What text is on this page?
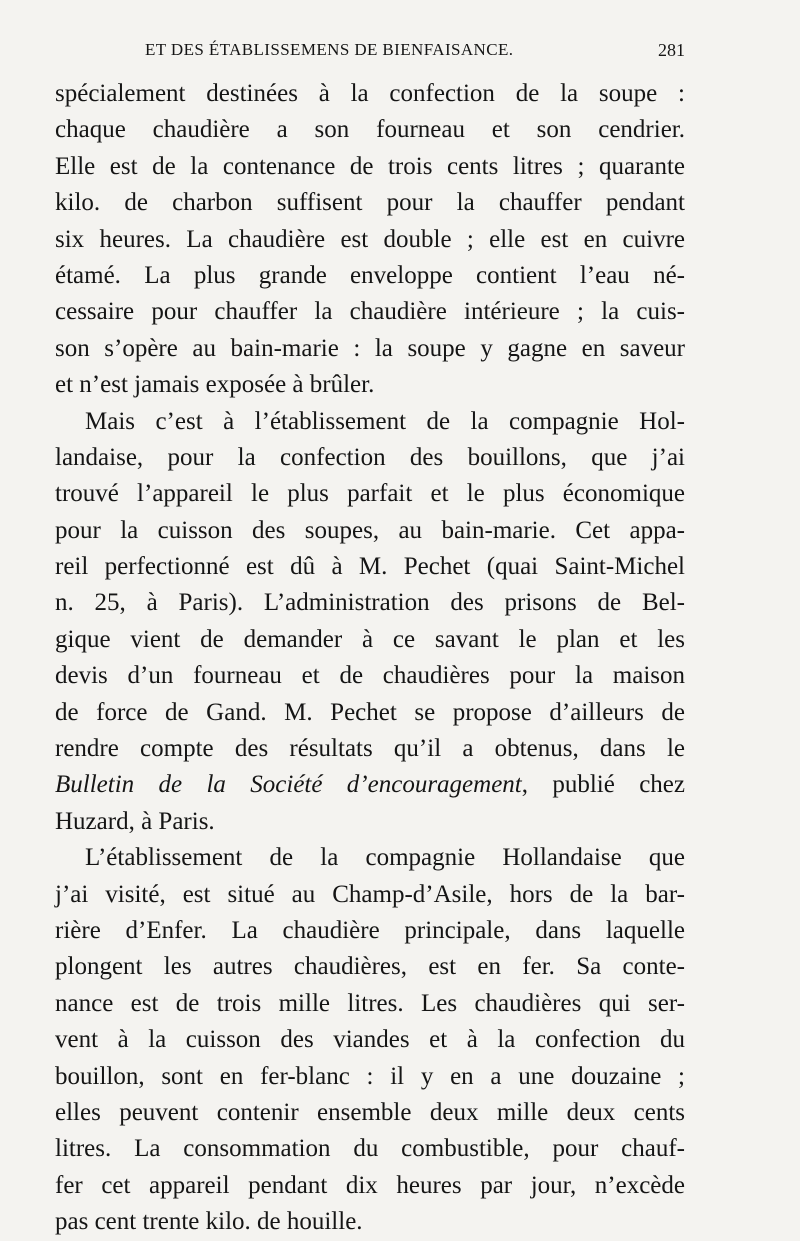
ET DES ÉTABLISSEMENS DE BIENFAISANCE.	281
spécialement destinées à la confection de la soupe :
chaque chaudière a son fourneau et son cendrier.
Elle est de la contenance de trois cents litres ; quarante
kilo. de charbon suffisent pour la chauffer pendant
six heures. La chaudière est double ; elle est en cuivre
étamé. La plus grande enveloppe contient l’eau né-
cessaire pour chauffer la chaudière intérieure ; la cuis-
son s’opère au bain-marie : la soupe y gagne en saveur
et n’est jamais exposée à brûler.
Mais c’est à l’établissement de la compagnie Hol-
landaise, pour la confection des bouillons, que j’ai
trouvé l’appareil le plus parfait et le plus économique
pour la cuisson des soupes, au bain-marie. Cet appa-
reil perfectionné est dû à M. Pechet (quai Saint-Michel
n. 25, à Paris). L’administration des prisons de Bel-
gique vient de demander à ce savant le plan et les
devis d’un fourneau et de chaudières pour la maison
de force de Gand. M. Pechet se propose d’ailleurs de
rendre compte des résultats qu’il a obtenus, dans le
Bulletin de la Société d’encouragement, publié chez
Huzard, à Paris.
L’établissement de la compagnie Hollandaise que
j’ai visité, est situé au Champ-d’Asile, hors de la bar-
rière d’Enfer. La chaudière principale, dans laquelle
plongent les autres chaudières, est en fer. Sa conte-
nance est de trois mille litres. Les chaudières qui ser-
vent à la cuisson des viandes et à la confection du
bouillon, sont en fer-blanc : il y en a une douzaine ;
elles peuvent contenir ensemble deux mille deux cents
litres. La consommation du combustible, pour chauf-
fer cet appareil pendant dix heures par jour, n’excède
pas cent trente kilo. de houille.
